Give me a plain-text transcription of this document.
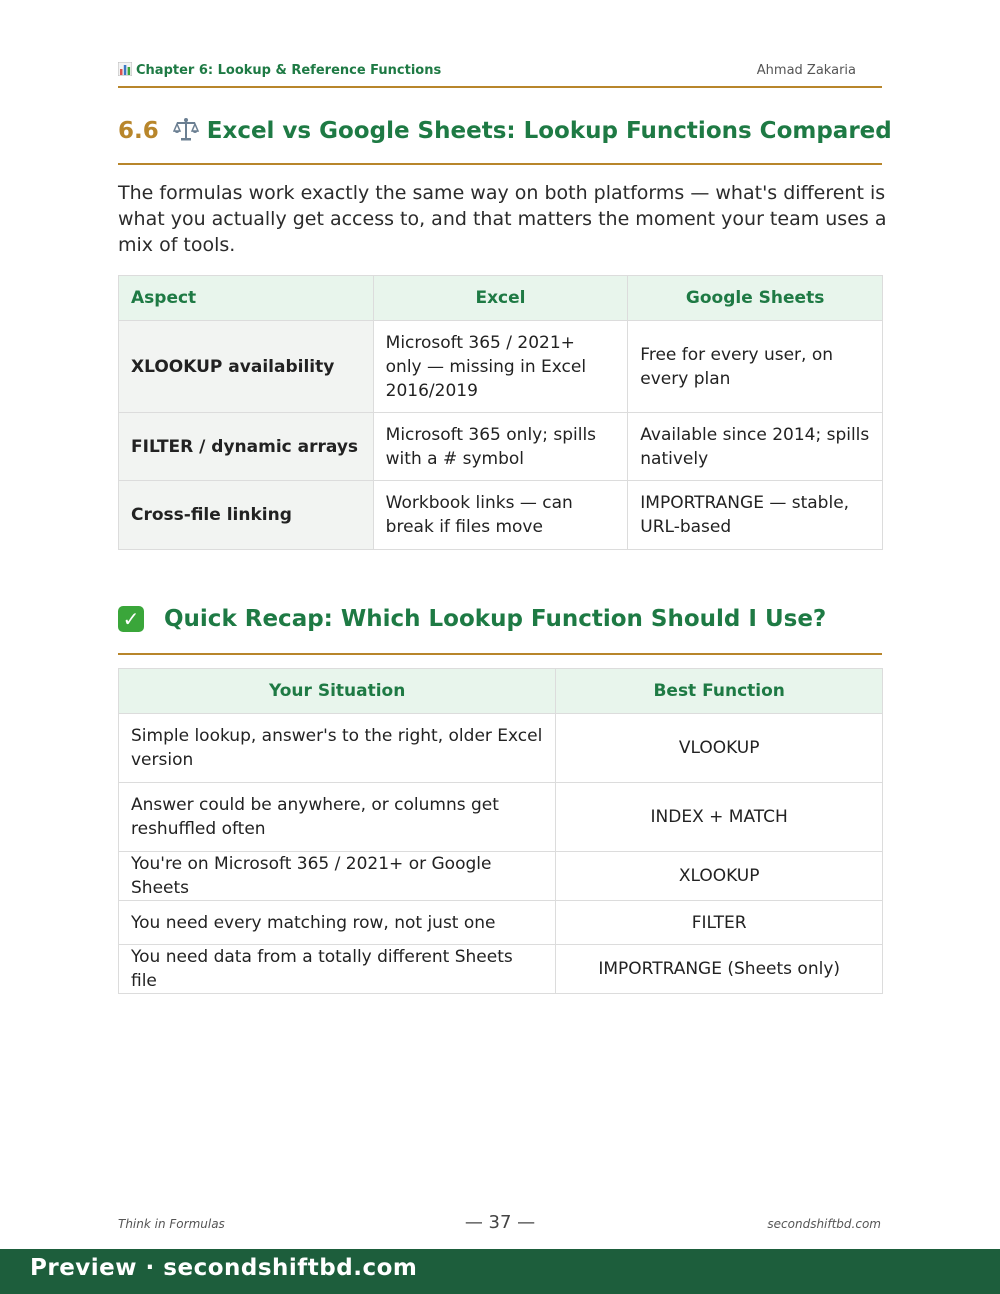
Chapter 6: Lookup & Reference Functions	Ahmad Zakaria
6.6 Excel vs Google Sheets: Lookup Functions Compared

The formulas work exactly the same way on both platforms — what's different is what you actually get access to, and that matters the moment your team uses a mix of tools.

Aspect	Excel	Google Sheets
XLOOKUP availability	Microsoft 365 / 2021+ only — missing in Excel 2016/2019	Free for every user, on every plan
FILTER / dynamic arrays	Microsoft 365 only; spills with a # symbol	Available since 2014; spills natively
Cross-file linking	Workbook links — can break if files move	IMPORTRANGE — stable, URL-based
✓ Quick Recap: Which Lookup Function Should I Use?
Your Situation	Best Function
Simple lookup, answer's to the right, older Excel version	VLOOKUP
Answer could be anywhere, or columns get reshuffled often	INDEX + MATCH
You're on Microsoft 365 / 2021+ or Google Sheets	XLOOKUP
You need every matching row, not just one	FILTER
You need data from a totally different Sheets file	IMPORTRANGE (Sheets only)
Think in Formulas	— 37 —	secondshiftbd.com
Preview · secondshiftbd.com
